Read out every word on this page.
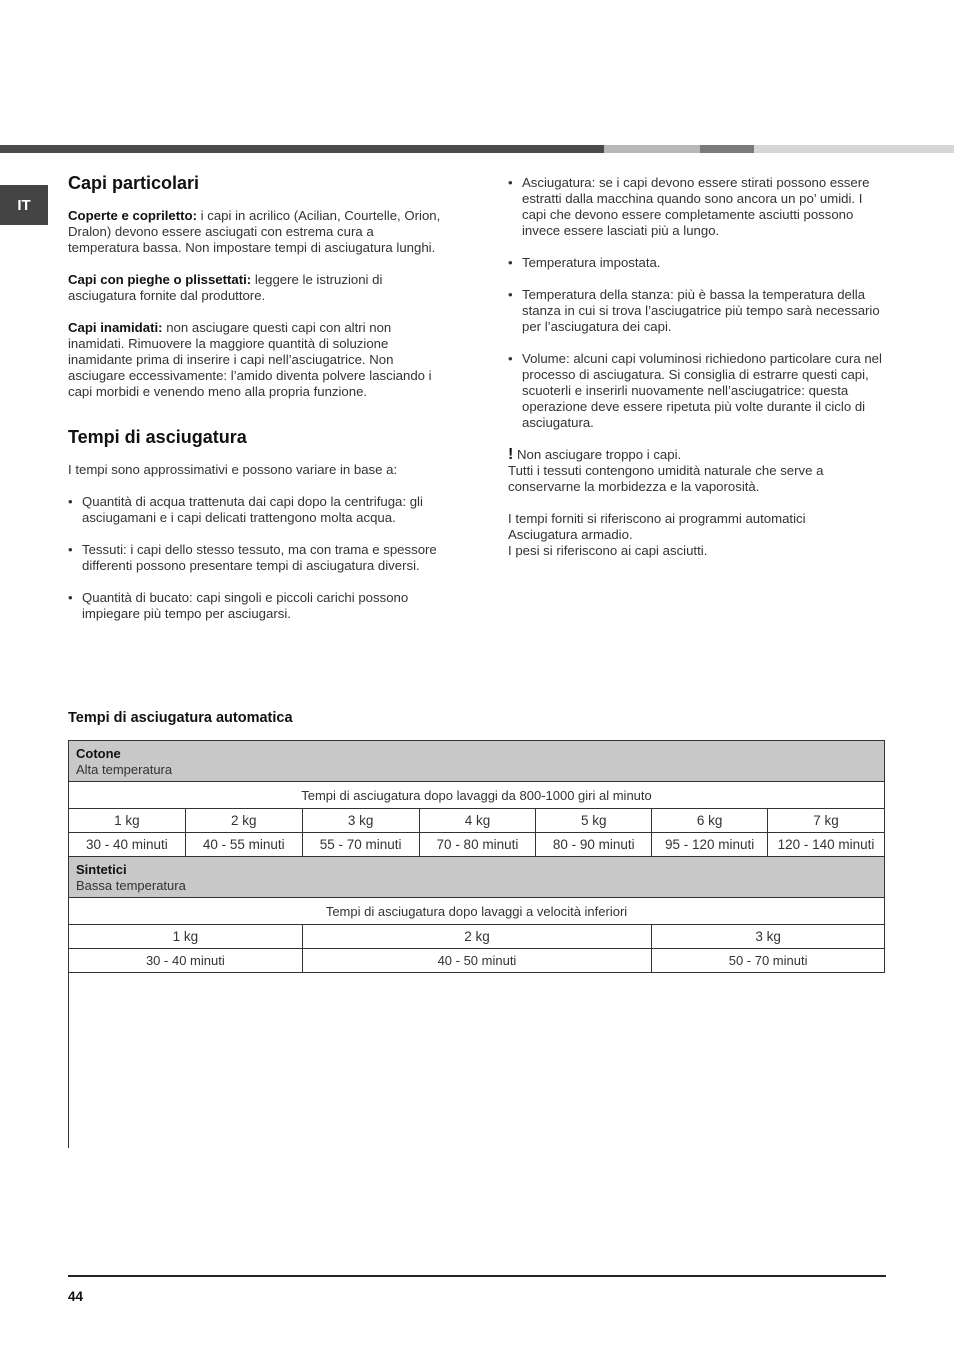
IT
Capi particolari

Coperte e copriletto: i capi in acrilico (Acilian, Courtelle, Orion, Dralon) devono essere asciugati con estrema cura a temperatura bassa. Non impostare tempi di asciugatura lunghi.

Capi con pieghe o plissettati: leggere le istruzioni di asciugatura fornite dal produttore.

Capi inamidati: non asciugare questi capi con altri non inamidati. Rimuovere la maggiore quantità di soluzione inamidante prima di inserire i capi nell’asciugatrice. Non asciugare eccessivamente: l’amido diventa polvere lasciando i capi morbidi e venendo meno alla propria funzione.

Tempi di asciugatura

I tempi sono approssimativi e possono variare in base a:

• Quantità di acqua trattenuta dai capi dopo la centrifuga: gli asciugamani e i capi delicati trattengono molta acqua.
• Tessuti: i capi dello stesso tessuto, ma con trama e spessore differenti possono presentare tempi di asciugatura diversi.
• Quantità di bucato: capi singoli e piccoli carichi possono impiegare più tempo per asciugarsi.
• Asciugatura: se i capi devono essere stirati possono essere estratti dalla macchina quando sono ancora un po’ umidi. I capi che devono essere completamente asciutti possono invece essere lasciati più a lungo.
• Temperatura impostata.
• Temperatura della stanza: più è bassa la temperatura della stanza in cui si trova l’asciugatrice più tempo sarà necessario per l’asciugatura dei capi.
• Volume: alcuni capi voluminosi richiedono particolare cura nel processo di asciugatura. Si consiglia di estrarre questi capi, scuoterli e inserirli nuovamente nell’asciugatrice: questa operazione deve essere ripetuta più volte durante il ciclo di asciugatura.

! Non asciugare troppo i capi.
Tutti i tessuti contengono umidità naturale che serve a conservarne la morbidezza e la vaporosità.

I tempi forniti si riferiscono ai programmi automatici
Asciugatura armadio.
I pesi si riferiscono ai capi asciutti.

Tempi di asciugatura automatica
Cotone
Alta temperatura						
Tempi di asciugatura dopo lavaggi da 800-1000 giri al minuto						
1 kg	2 kg	3 kg	4 kg	5 kg	6 kg	7 kg
30 - 40 minuti	40 - 55 minuti	55 - 70 minuti	70 - 80 minuti	80 - 90 minuti	95 - 120 minuti	120 - 140 minuti
Sintetici
Bassa temperatura						
Tempi di asciugatura dopo lavaggi a velocità inferiori						
1 kg		2 kg			3 kg	
30 - 40 minuti		40 - 50 minuti			50 - 70 minuti	
44
